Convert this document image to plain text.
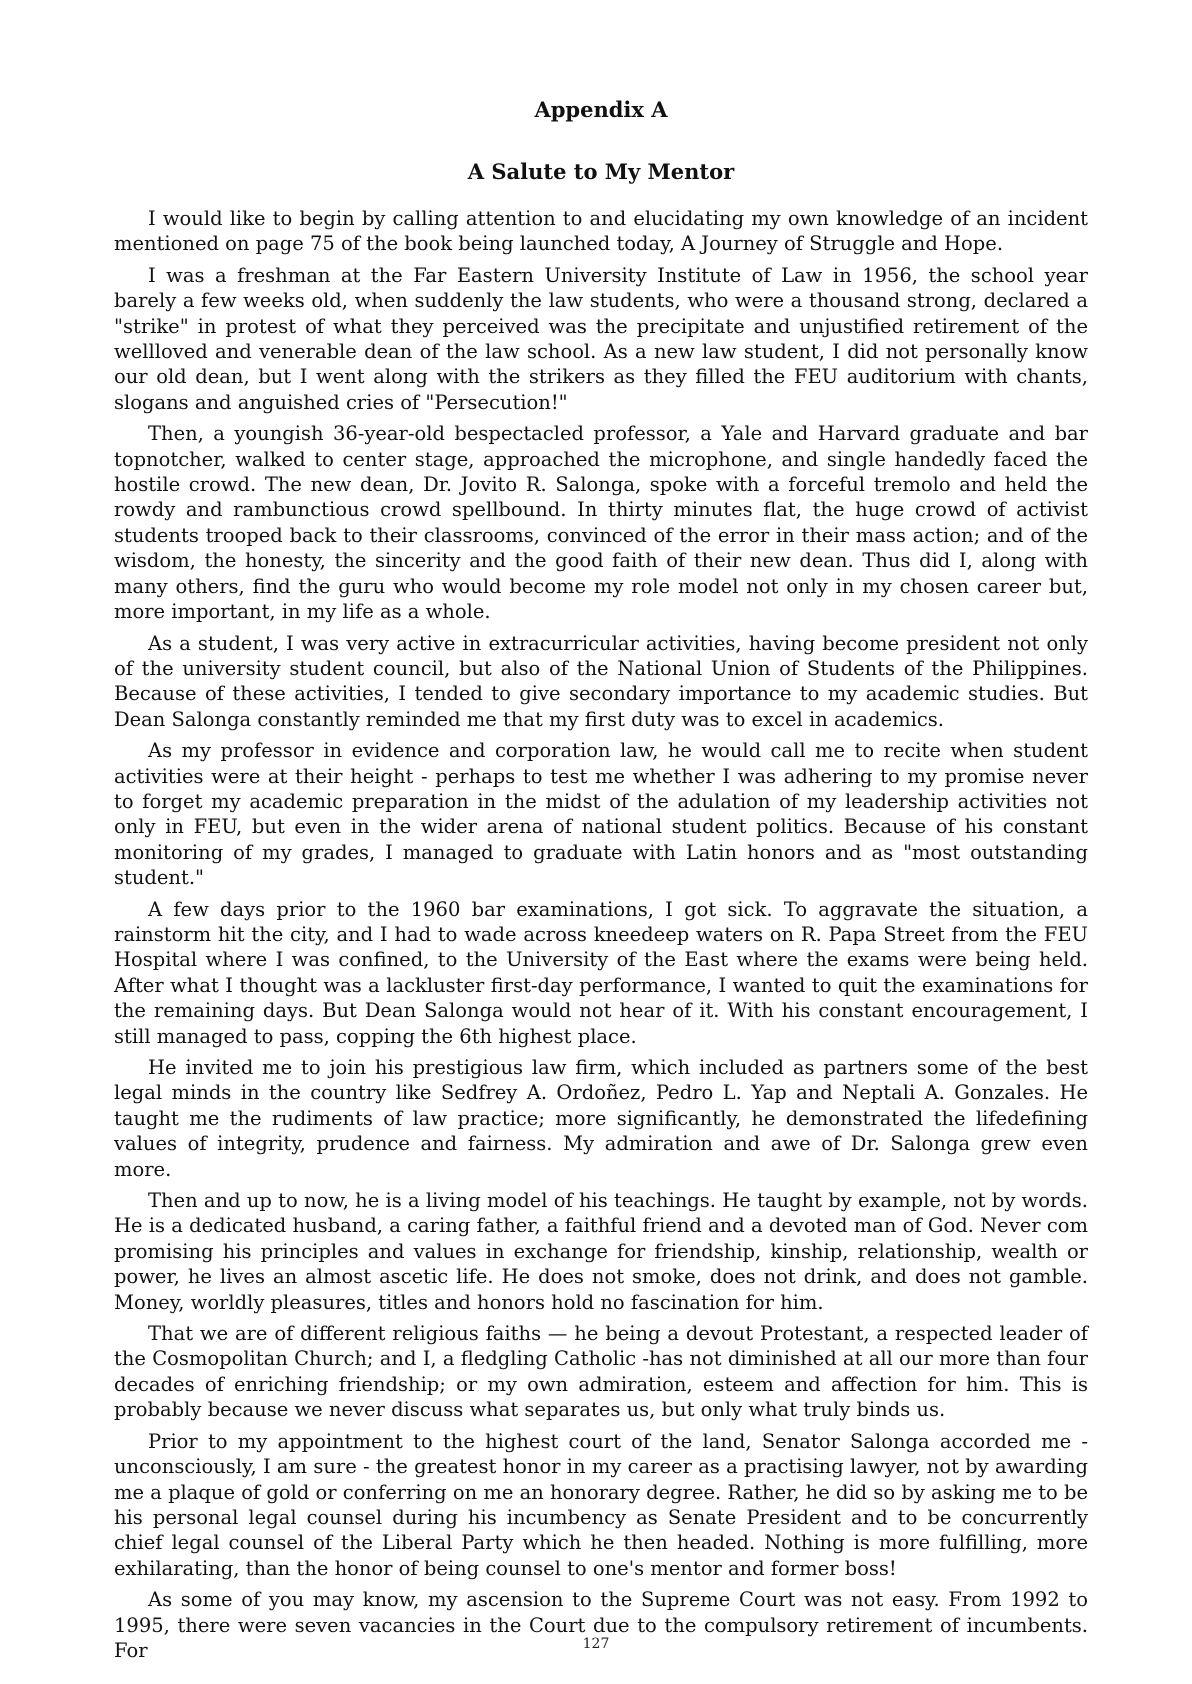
Appendix A
A Salute to My Mentor

I would like to begin by calling attention to and elucidating my own knowledge of an incident mentioned on page 75 of the book being launched today, A Journey of Struggle and Hope.

I was a freshman at the Far Eastern University Institute of Law in 1956, the school year barely a few weeks old, when suddenly the law students, who were a thousand strong, declared a "strike" in protest of what they perceived was the precipitate and unjustified retirement of the wellloved and venerable dean of the law school. As a new law student, I did not personally know our old dean, but I went along with the strikers as they filled the FEU auditorium with chants, slogans and anguished cries of "Persecution!"

Then, a youngish 36-year-old bespectacled professor, a Yale and Harvard graduate and bar topnotcher, walked to center stage, approached the microphone, and single handedly faced the hostile crowd. The new dean, Dr. Jovito R. Salonga, spoke with a forceful tremolo and held the rowdy and rambunctious crowd spellbound. In thirty minutes flat, the huge crowd of activist students trooped back to their classrooms, convinced of the error in their mass action; and of the wisdom, the honesty, the sincerity and the good faith of their new dean. Thus did I, along with many others, find the guru who would become my role model not only in my chosen career but, more important, in my life as a whole.

As a student, I was very active in extracurricular activities, having become president not only of the university student council, but also of the National Union of Students of the Philippines. Because of these activities, I tended to give secondary importance to my academic studies. But Dean Salonga constantly reminded me that my first duty was to excel in academics.

As my professor in evidence and corporation law, he would call me to recite when student activities were at their height - perhaps to test me whether I was adhering to my promise never to forget my academic preparation in the midst of the adulation of my leadership activities not only in FEU, but even in the wider arena of national student politics. Because of his constant monitoring of my grades, I managed to graduate with Latin honors and as "most outstanding student."

A few days prior to the 1960 bar examinations, I got sick. To aggravate the situation, a rainstorm hit the city, and I had to wade across kneedeep waters on R. Papa Street from the FEU Hospital where I was confined, to the University of the East where the exams were being held. After what I thought was a lackluster first-day performance, I wanted to quit the examinations for the remaining days. But Dean Salonga would not hear of it. With his constant encouragement, I still managed to pass, copping the 6th highest place.

He invited me to join his prestigious law firm, which included as partners some of the best legal minds in the country like Sedfrey A. Ordoñez, Pedro L. Yap and Neptali A. Gonzales. He taught me the rudiments of law practice; more significantly, he demonstrated the lifedefining values of integrity, prudence and fairness. My admiration and awe of Dr. Salonga grew even more.

Then and up to now, he is a living model of his teachings. He taught by example, not by words. He is a dedicated husband, a caring father, a faithful friend and a devoted man of God. Never com promising his principles and values in exchange for friendship, kinship, relationship, wealth or power, he lives an almost ascetic life. He does not smoke, does not drink, and does not gamble. Money, worldly pleasures, titles and honors hold no fascination for him.

That we are of different religious faiths — he being a devout Protestant, a respected leader of the Cosmopolitan Church; and I, a fledgling Catholic -has not diminished at all our more than four decades of enriching friendship; or my own admiration, esteem and affection for him. This is probably because we never discuss what separates us, but only what truly binds us.

Prior to my appointment to the highest court of the land, Senator Salonga accorded me -unconsciously, I am sure - the greatest honor in my career as a practising lawyer, not by awarding me a plaque of gold or conferring on me an honorary degree. Rather, he did so by asking me to be his personal legal counsel during his incumbency as Senate President and to be concurrently chief legal counsel of the Liberal Party which he then headed. Nothing is more fulfilling, more exhilarating, than the honor of being counsel to one's mentor and former boss!

As some of you may know, my ascension to the Supreme Court was not easy. From 1992 to 1995, there were seven vacancies in the Court due to the compulsory retirement of incumbents. For	127
